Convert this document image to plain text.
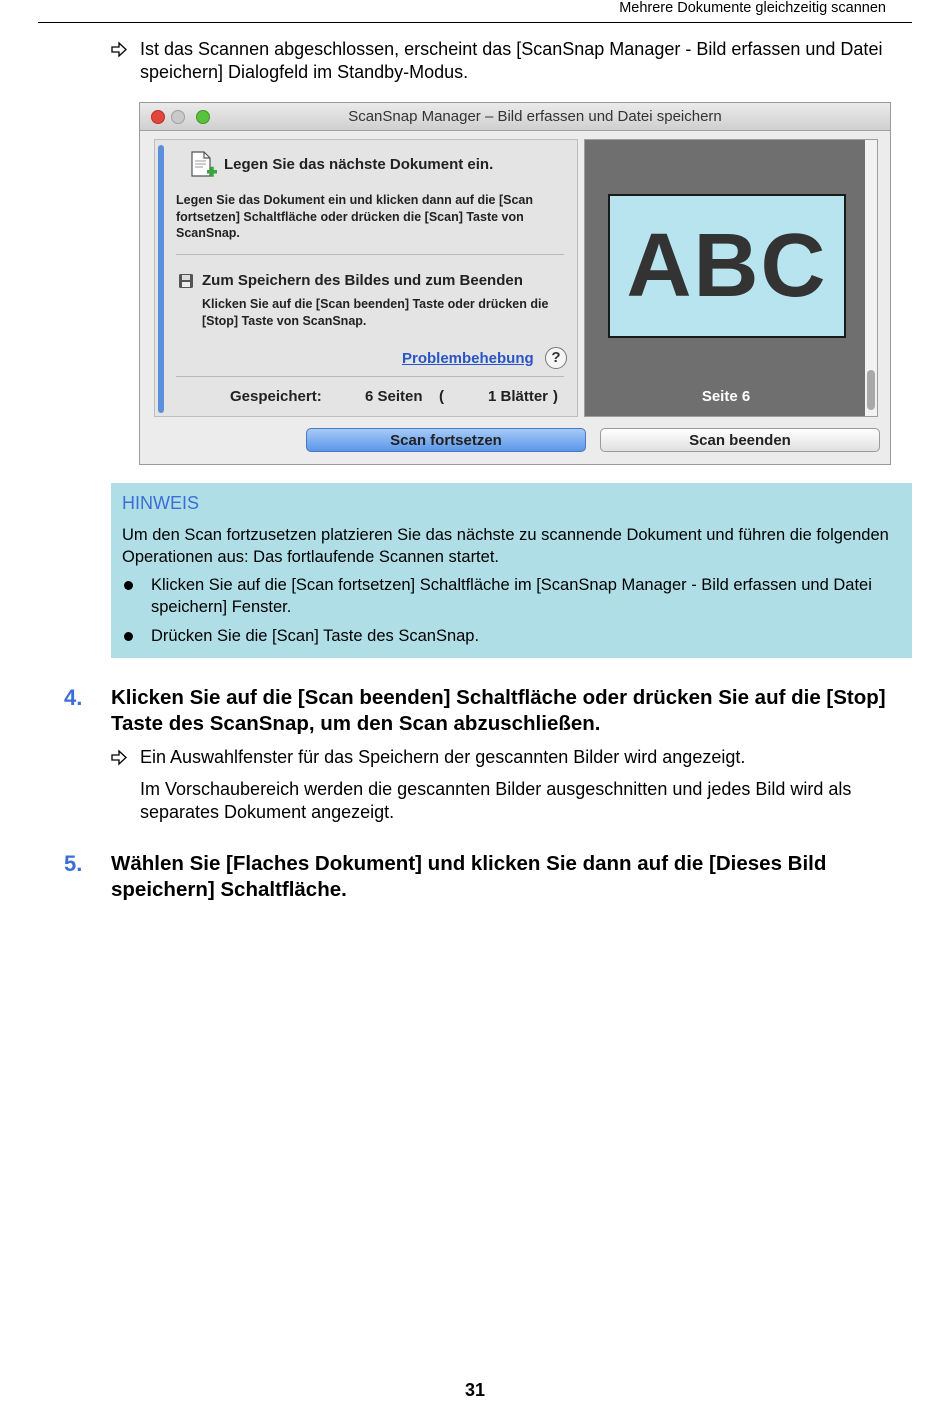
Mehrere Dokumente gleichzeitig scannen
Ist das Scannen abgeschlossen, erscheint das [ScanSnap Manager - Bild erfassen und Datei speichern] Dialogfeld im Standby-Modus.
ScanSnap Manager – Bild erfassen und Datei speichern
Legen Sie das nächste Dokument ein.
Legen Sie das Dokument ein und klicken dann auf die [Scan fortsetzen] Schaltfläche oder drücken die [Scan] Taste von ScanSnap.
Zum Speichern des Bildes und zum Beenden
Klicken Sie auf die [Scan beenden] Taste oder drücken die [Stop] Taste von ScanSnap.
Problembehebung	?
Gespeichert:	6 Seiten (	1 Blätter )
ABC
Seite 6
Scan fortsetzen	Scan beenden
HINWEIS
Um den Scan fortzusetzen platzieren Sie das nächste zu scannende Dokument und führen die folgenden Operationen aus: Das fortlaufende Scannen startet.
Klicken Sie auf die [Scan fortsetzen] Schaltfläche im [ScanSnap Manager - Bild erfassen und Datei speichern] Fenster.
Drücken Sie die [Scan] Taste des ScanSnap.
4. Klicken Sie auf die [Scan beenden] Schaltfläche oder drücken Sie auf die [Stop] Taste des ScanSnap, um den Scan abzuschließen.
Ein Auswahlfenster für das Speichern der gescannten Bilder wird angezeigt.
Im Vorschaubereich werden die gescannten Bilder ausgeschnitten und jedes Bild wird als separates Dokument angezeigt.
5. Wählen Sie [Flaches Dokument] und klicken Sie dann auf die [Dieses Bild speichern] Schaltfläche.
31
